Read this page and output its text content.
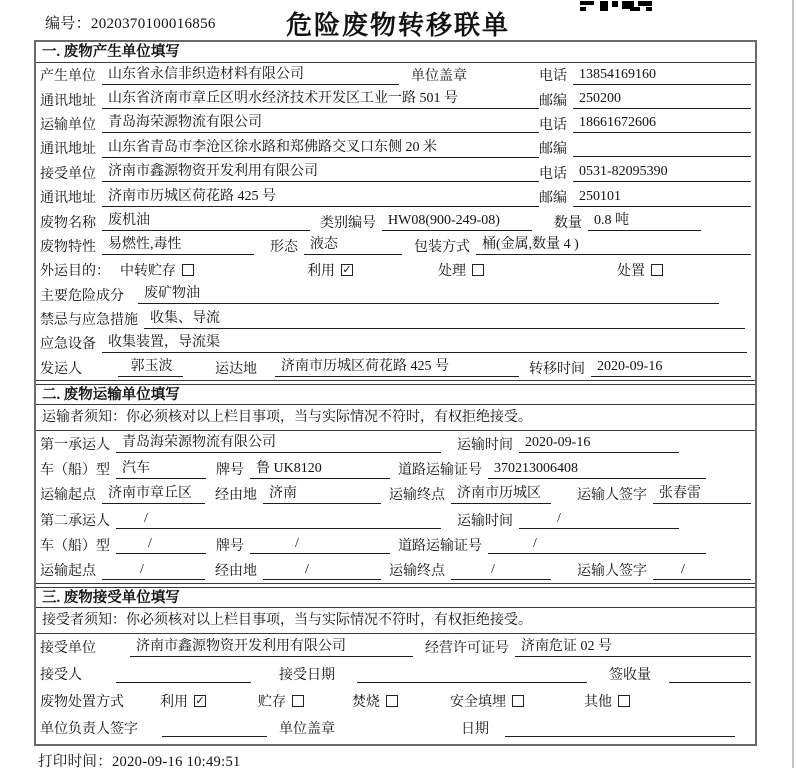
编号：2020370100016856	危险废物转移联单
一. 废物产生单位填写
产生单位 山东省永信非织造材料有限公司	单位盖章	电话 13854169160
通讯地址 山东省济南市章丘区明水经济技术开发区工业一路 501 号	邮编 250200
运输单位 青岛海荣源物流有限公司	电话 18661672606
通讯地址 山东省青岛市李沧区徐水路和郑佛路交叉口东侧 20 米	邮编
接受单位 济南市鑫源物资开发利用有限公司	电话 0531-82095390
通讯地址 济南市历城区荷花路 425 号	邮编 250101
废物名称 废机油	类别编号 HW08(900-249-08)	数量 0.8 吨
废物特性 易燃性,毒性	形态 液态	包装方式 桶(金属,数量 4 )
外运目的： 中转贮存	利用 ✓	处理	处置
主要危险成分	废矿物油
禁忌与应急措施 收集、导流
应急设备 收集装置，导流渠
发运人	郭玉波	运达地	济南市历城区荷花路 425 号	转移时间 2020-09-16
二. 废物运输单位填写
运输者须知：你必须核对以上栏目事项，当与实际情况不符时，有权拒绝接受。
第一承运人 青岛海荣源物流有限公司	运输时间 2020-09-16
车（船）型 汽车	牌号 鲁 UK8120	道路运输证号 370213006408
运输起点 济南市章丘区	经由地 济南	运输终点 济南市历城区	运输人签字 张春雷
第二承运人	/	运输时间	/
车（船）型	/	牌号	/	道路运输证号	/
运输起点	/	经由地	/	运输终点	/	运输人签字	/
三. 废物接受单位填写
接受者须知：你必须核对以上栏目事项，当与实际情况不符时，有权拒绝接受。
接受单位	济南市鑫源物资开发利用有限公司	经营许可证号 济南危证 02 号
接受人	接受日期	签收量
废物处置方式	利用 ✓	贮存	焚烧	安全填埋	其他
单位负责人签字	单位盖章	日期
打印时间：2020-09-16 10:49:51
